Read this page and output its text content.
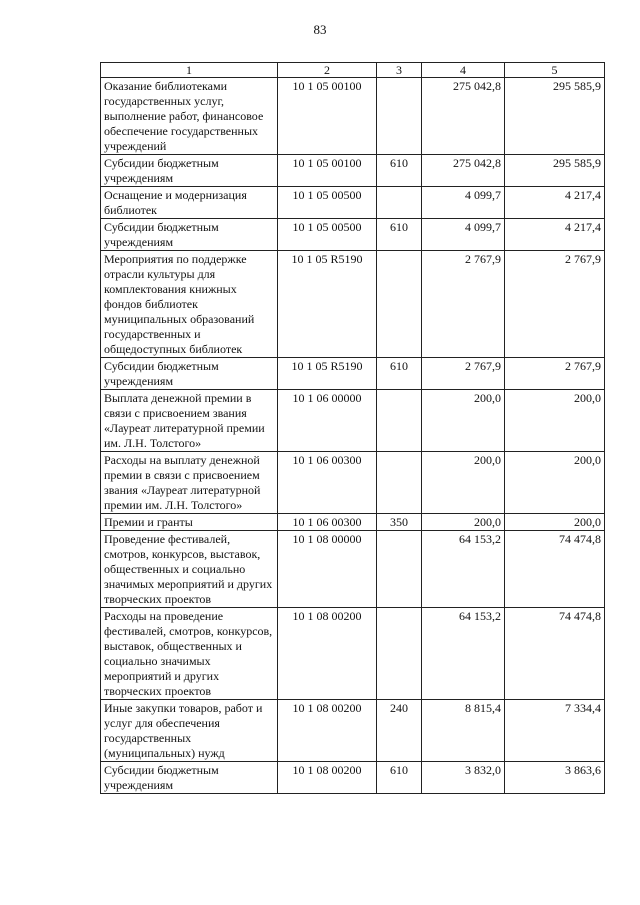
83
1	2	3	4	5
Оказание библиотеками государственных услуг, выполнение работ, финансовое обеспечение государственных учреждений	10 1 05 00100		275 042,8	295 585,9
Субсидии бюджетным учреждениям	10 1 05 00100	610	275 042,8	295 585,9
Оснащение и модернизация библиотек	10 1 05 00500		4 099,7	4 217,4
Субсидии бюджетным учреждениям	10 1 05 00500	610	4 099,7	4 217,4
Мероприятия по поддержке отрасли культуры для комплектования книжных фондов библиотек муниципальных образований государственных и общедоступных библиотек	10 1 05 R5190		2 767,9	2 767,9
Субсидии бюджетным учреждениям	10 1 05 R5190	610	2 767,9	2 767,9
Выплата денежной премии в связи с присвоением звания «Лауреат литературной премии им. Л.Н. Толстого»	10 1 06 00000		200,0	200,0
Расходы на выплату денежной премии в связи с присвоением звания «Лауреат литературной премии им. Л.Н. Толстого»	10 1 06 00300		200,0	200,0
Премии и гранты	10 1 06 00300	350	200,0	200,0
Проведение фестивалей, смотров, конкурсов, выставок, общественных и социально значимых мероприятий и других творческих проектов	10 1 08 00000		64 153,2	74 474,8
Расходы на проведение фестивалей, смотров, конкурсов, выставок, общественных и социально значимых мероприятий и других творческих проектов	10 1 08 00200		64 153,2	74 474,8
Иные закупки товаров, работ и услуг для обеспечения государственных (муниципальных) нужд	10 1 08 00200	240	8 815,4	7 334,4
Субсидии бюджетным учреждениям	10 1 08 00200	610	3 832,0	3 863,6
